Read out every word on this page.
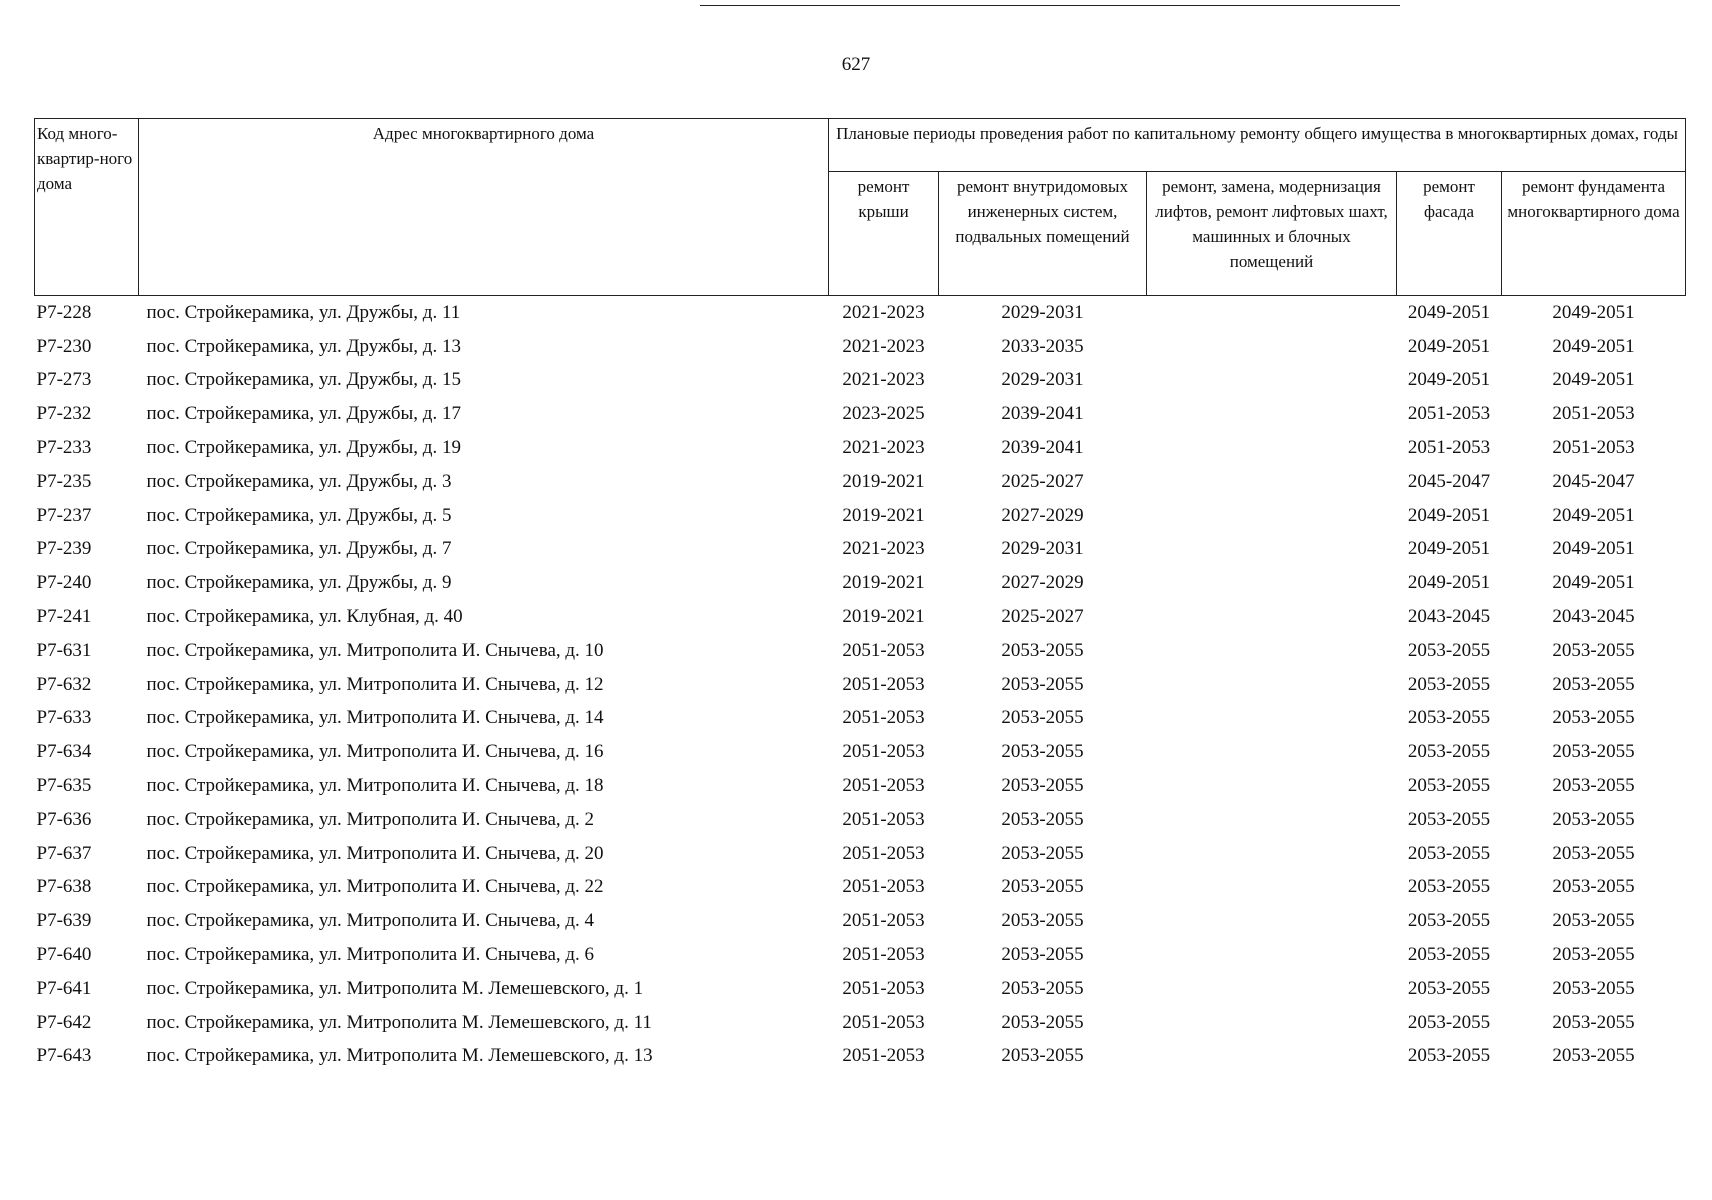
627
Код много-квартир-ного дома	Адрес многоквартирного дома	Плановые периоды проведения работ по капитальному ремонту общего имущества в многоквартирных домах, годы				
		ремонт крыши	ремонт внутридомовых инженерных систем, подвальных помещений	ремонт, замена, модернизация лифтов, ремонт лифтовых шахт, машинных и блочных помещений	ремонт фасада	ремонт фундамента многоквартирного дома
Р7-228	пос. Стройкерамика, ул. Дружбы, д. 11	2021-2023	2029-2031		2049-2051	2049-2051
Р7-230	пос. Стройкерамика, ул. Дружбы, д. 13	2021-2023	2033-2035		2049-2051	2049-2051
Р7-273	пос. Стройкерамика, ул. Дружбы, д. 15	2021-2023	2029-2031		2049-2051	2049-2051
Р7-232	пос. Стройкерамика, ул. Дружбы, д. 17	2023-2025	2039-2041		2051-2053	2051-2053
Р7-233	пос. Стройкерамика, ул. Дружбы, д. 19	2021-2023	2039-2041		2051-2053	2051-2053
Р7-235	пос. Стройкерамика, ул. Дружбы, д. 3	2019-2021	2025-2027		2045-2047	2045-2047
Р7-237	пос. Стройкерамика, ул. Дружбы, д. 5	2019-2021	2027-2029		2049-2051	2049-2051
Р7-239	пос. Стройкерамика, ул. Дружбы, д. 7	2021-2023	2029-2031		2049-2051	2049-2051
Р7-240	пос. Стройкерамика, ул. Дружбы, д. 9	2019-2021	2027-2029		2049-2051	2049-2051
Р7-241	пос. Стройкерамика, ул. Клубная, д. 40	2019-2021	2025-2027		2043-2045	2043-2045
Р7-631	пос. Стройкерамика, ул. Митрополита И. Снычева, д. 10	2051-2053	2053-2055		2053-2055	2053-2055
Р7-632	пос. Стройкерамика, ул. Митрополита И. Снычева, д. 12	2051-2053	2053-2055		2053-2055	2053-2055
Р7-633	пос. Стройкерамика, ул. Митрополита И. Снычева, д. 14	2051-2053	2053-2055		2053-2055	2053-2055
Р7-634	пос. Стройкерамика, ул. Митрополита И. Снычева, д. 16	2051-2053	2053-2055		2053-2055	2053-2055
Р7-635	пос. Стройкерамика, ул. Митрополита И. Снычева, д. 18	2051-2053	2053-2055		2053-2055	2053-2055
Р7-636	пос. Стройкерамика, ул. Митрополита И. Снычева, д. 2	2051-2053	2053-2055		2053-2055	2053-2055
Р7-637	пос. Стройкерамика, ул. Митрополита И. Снычева, д. 20	2051-2053	2053-2055		2053-2055	2053-2055
Р7-638	пос. Стройкерамика, ул. Митрополита И. Снычева, д. 22	2051-2053	2053-2055		2053-2055	2053-2055
Р7-639	пос. Стройкерамика, ул. Митрополита И. Снычева, д. 4	2051-2053	2053-2055		2053-2055	2053-2055
Р7-640	пос. Стройкерамика, ул. Митрополита И. Снычева, д. 6	2051-2053	2053-2055		2053-2055	2053-2055
Р7-641	пос. Стройкерамика, ул. Митрополита М. Лемешевского, д. 1	2051-2053	2053-2055		2053-2055	2053-2055
Р7-642	пос. Стройкерамика, ул. Митрополита М. Лемешевского, д. 11	2051-2053	2053-2055		2053-2055	2053-2055
Р7-643	пос. Стройкерамика, ул. Митрополита М. Лемешевского, д. 13	2051-2053	2053-2055		2053-2055	2053-2055
